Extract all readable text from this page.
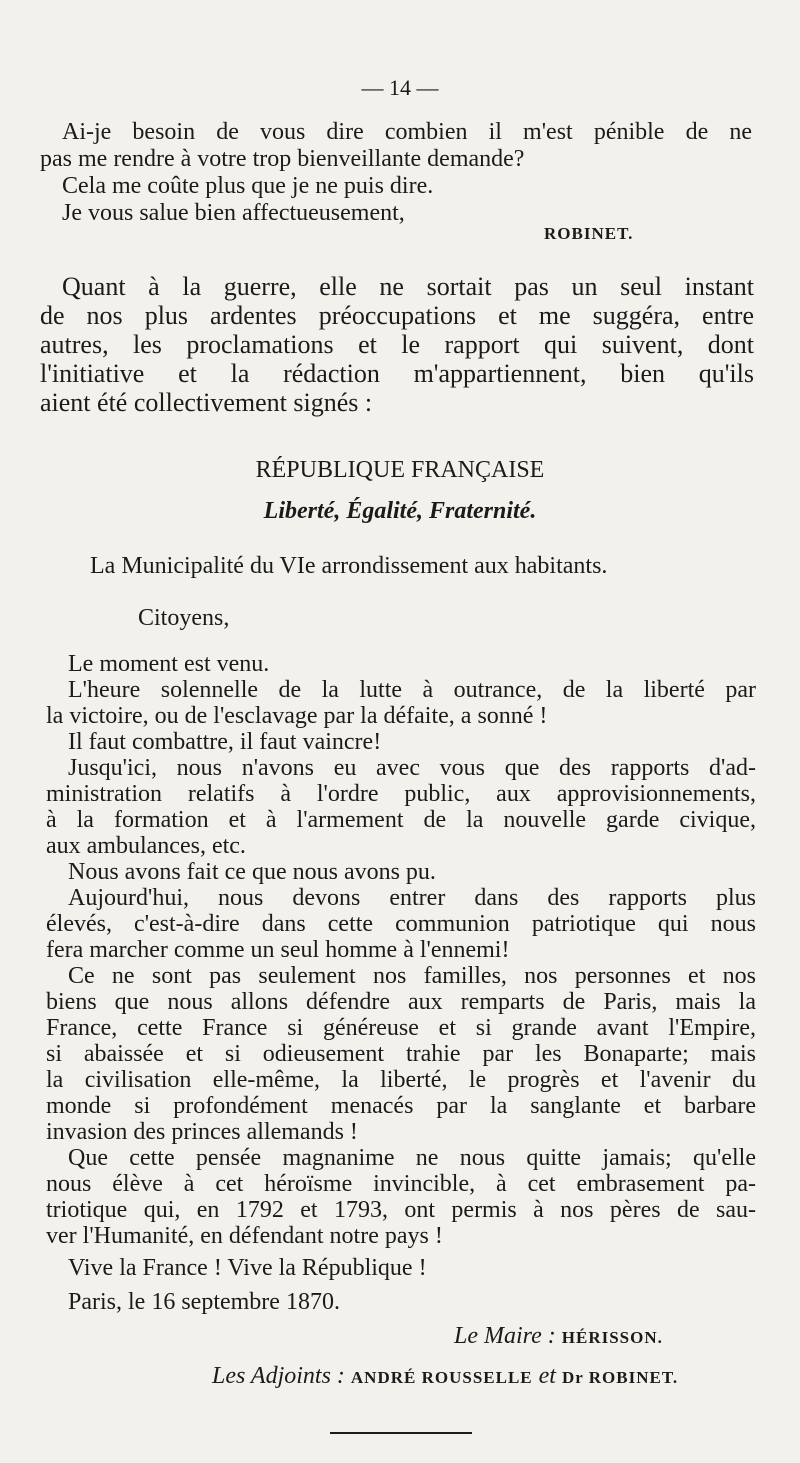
— 14 —
Ai-je besoin de vous dire combien il m'est pénible de ne
pas me rendre à votre trop bienveillante demande?
Cela me coûte plus que je ne puis dire.
Je vous salue bien affectueusement,
ROBINET.
Quant à la guerre, elle ne sortait pas un seul instant
de nos plus ardentes préoccupations et me suggéra, entre
autres, les proclamations et le rapport qui suivent, dont
l'initiative et la rédaction m'appartiennent, bien qu'ils
aient été collectivement signés :
RÉPUBLIQUE FRANÇAISE
Liberté, Égalité, Fraternité.
La Municipalité du VIe arrondissement aux habitants.
Citoyens,
Le moment est venu.
L'heure solennelle de la lutte à outrance, de la liberté par
la victoire, ou de l'esclavage par la défaite, a sonné !
Il faut combattre, il faut vaincre!
Jusqu'ici, nous n'avons eu avec vous que des rapports d'ad-
ministration relatifs à l'ordre public, aux approvisionnements,
à la formation et à l'armement de la nouvelle garde civique,
aux ambulances, etc.
Nous avons fait ce que nous avons pu.
Aujourd'hui, nous devons entrer dans des rapports plus
élevés, c'est-à-dire dans cette communion patriotique qui nous
fera marcher comme un seul homme à l'ennemi!
Ce ne sont pas seulement nos familles, nos personnes et nos
biens que nous allons défendre aux remparts de Paris, mais la
France, cette France si généreuse et si grande avant l'Empire,
si abaissée et si odieusement trahie par les Bonaparte; mais
la civilisation elle-même, la liberté, le progrès et l'avenir du
monde si profondément menacés par la sanglante et barbare
invasion des princes allemands !
Que cette pensée magnanime ne nous quitte jamais; qu'elle
nous élève à cet héroïsme invincible, à cet embrasement pa-
triotique qui, en 1792 et 1793, ont permis à nos pères de sau-
ver l'Humanité, en défendant notre pays !
Vive la France ! Vive la République !
Paris, le 16 septembre 1870.
Le Maire : HÉRISSON.
Les Adjoints : ANDRÉ ROUSSELLE et Dr ROBINET.
